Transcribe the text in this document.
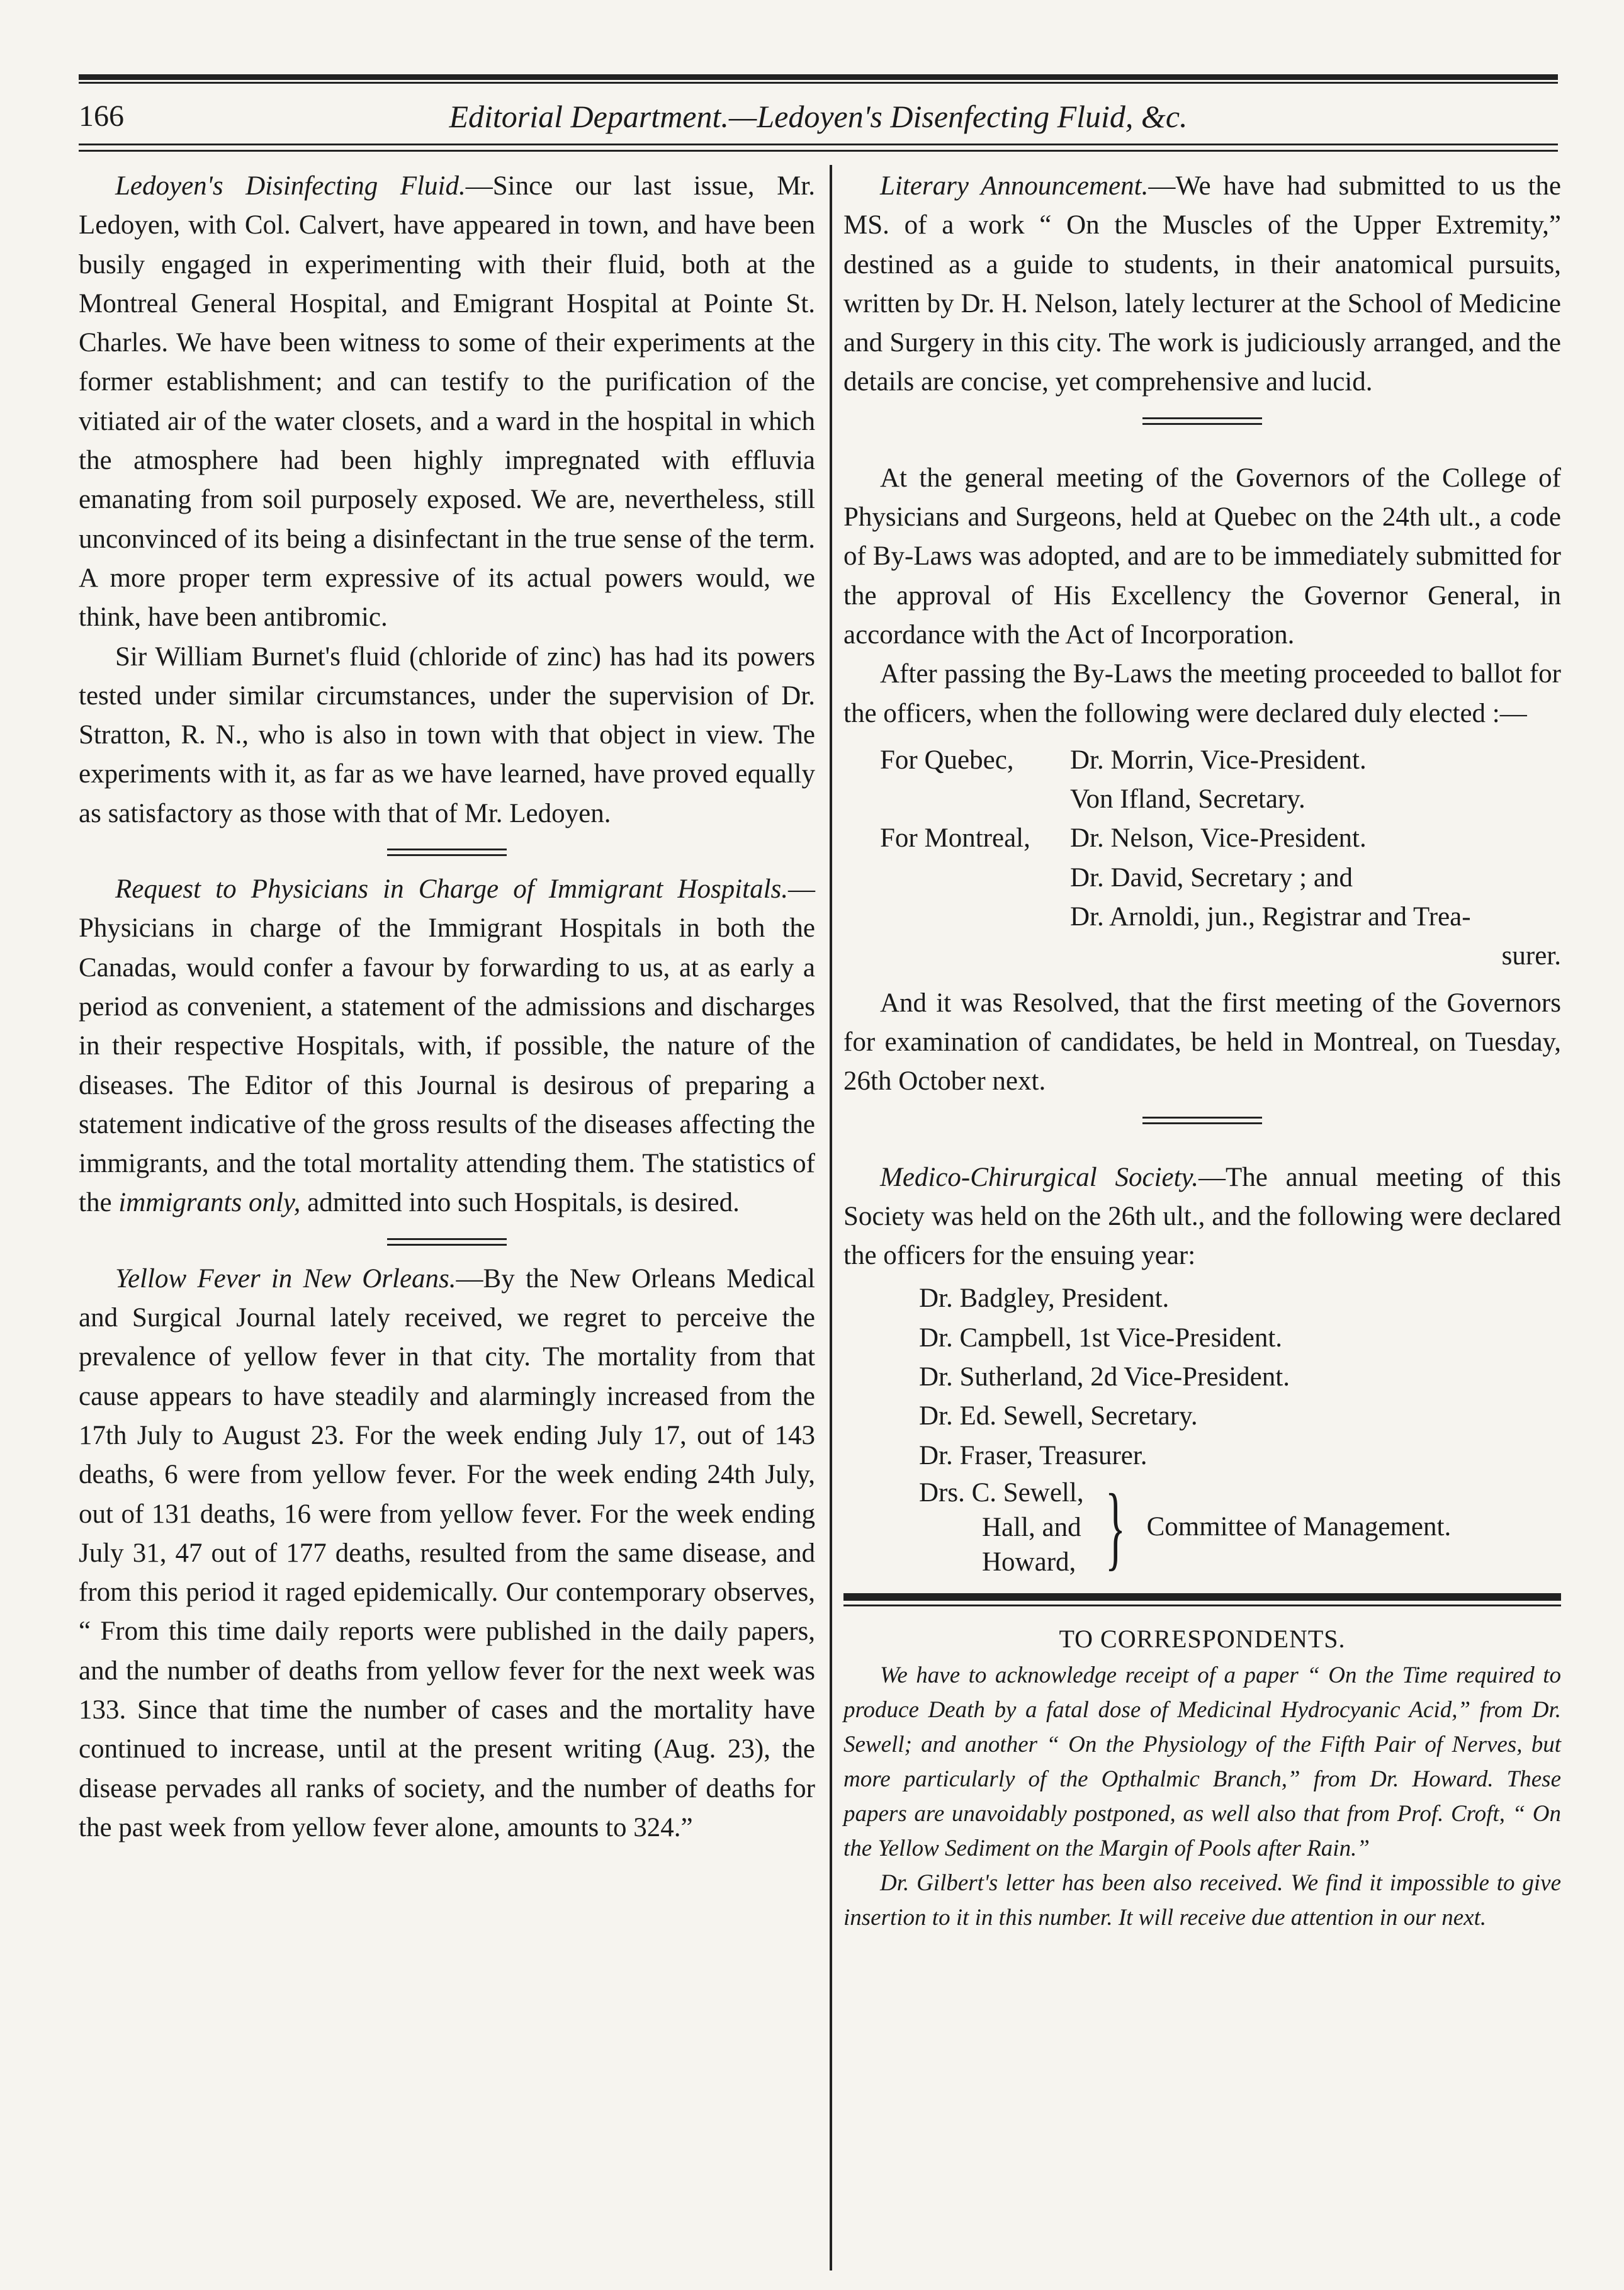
166	Editorial Department.—Ledoyen's Disenfecting Fluid, &c.

Ledoyen's Disinfecting Fluid.—Since our last issue, Mr. Ledoyen, with Col. Calvert, have appeared in town, and have been busily engaged in experimenting with their fluid, both at the Montreal General Hospital, and Emigrant Hospital at Pointe St. Charles. We have been witness to some of their experiments at the former establishment; and can testify to the purification of the vitiated air of the water closets, and a ward in the hospital in which the atmosphere had been highly impregnated with effluvia emanating from soil purposely exposed. We are, nevertheless, still unconvinced of its being a disinfectant in the true sense of the term. A more proper term expressive of its actual powers would, we think, have been antibromic.

Sir William Burnet's fluid (chloride of zinc) has had its powers tested under similar circumstances, under the supervision of Dr. Stratton, R. N., who is also in town with that object in view. The experiments with it, as far as we have learned, have proved equally as satisfactory as those with that of Mr. Ledoyen.

Request to Physicians in Charge of Immigrant Hospitals.—Physicians in charge of the Immigrant Hospitals in both the Canadas, would confer a favour by forwarding to us, at as early a period as convenient, a statement of the admissions and discharges in their respective Hospitals, with, if possible, the nature of the diseases. The Editor of this Journal is desirous of preparing a statement indicative of the gross results of the diseases affecting the immigrants, and the total mortality attending them. The statistics of the immigrants only, admitted into such Hospitals, is desired.

Yellow Fever in New Orleans.—By the New Orleans Medical and Surgical Journal lately received, we regret to perceive the prevalence of yellow fever in that city. The mortality from that cause appears to have steadily and alarmingly increased from the 17th July to August 23. For the week ending July 17, out of 143 deaths, 6 were from yellow fever. For the week ending 24th July, out of 131 deaths, 16 were from yellow fever. For the week ending July 31, 47 out of 177 deaths, resulted from the same disease, and from this period it raged epidemically. Our contemporary observes, “ From this time daily reports were published in the daily papers, and the number of deaths from yellow fever for the next week was 133. Since that time the number of cases and the mortality have continued to increase, until at the present writing (Aug. 23), the disease pervades all ranks of society, and the number of deaths for the past week from yellow fever alone, amounts to 324.”

Literary Announcement.—We have had submitted to us the MS. of a work “ On the Muscles of the Upper Extremity,” destined as a guide to students, in their anatomical pursuits, written by Dr. H. Nelson, lately lecturer at the School of Medicine and Surgery in this city. The work is judiciously arranged, and the details are concise, yet comprehensive and lucid.

At the general meeting of the Governors of the College of Physicians and Surgeons, held at Quebec on the 24th ult., a code of By-Laws was adopted, and are to be immediately submitted for the approval of His Excellency the Governor General, in accordance with the Act of Incorporation.

After passing the By-Laws the meeting proceeded to ballot for the officers, when the following were declared duly elected :—

For Quebec,	Dr. Morrin, Vice-President.
Von Ifland, Secretary.
For Montreal,	Dr. Nelson, Vice-President.
Dr. David, Secretary ; and
Dr. Arnoldi, jun., Registrar and Trea-
surer.

And it was Resolved, that the first meeting of the Governors for examination of candidates, be held in Montreal, on Tuesday, 26th October next.

Medico-Chirurgical Society.—The annual meeting of this Society was held on the 26th ult., and the following were declared the officers for the ensuing year:

Dr. Badgley, President.
Dr. Campbell, 1st Vice-President.
Dr. Sutherland, 2d Vice-President.
Dr. Ed. Sewell, Secretary.
Dr. Fraser, Treasurer.
Drs. C. Sewell,
Hall, and
Howard, } Committee of Management.
TO CORRESPONDENTS.

We have to acknowledge receipt of a paper “ On the Time required to produce Death by a fatal dose of Medicinal Hydrocyanic Acid,” from Dr. Sewell; and another “ On the Physiology of the Fifth Pair of Nerves, but more particularly of the Opthalmic Branch,” from Dr. Howard. These papers are unavoidably postponed, as well also that from Prof. Croft, “ On the Yellow Sediment on the Margin of Pools after Rain.”

Dr. Gilbert's letter has been also received. We find it impossible to give insertion to it in this number. It will receive due attention in our next.
